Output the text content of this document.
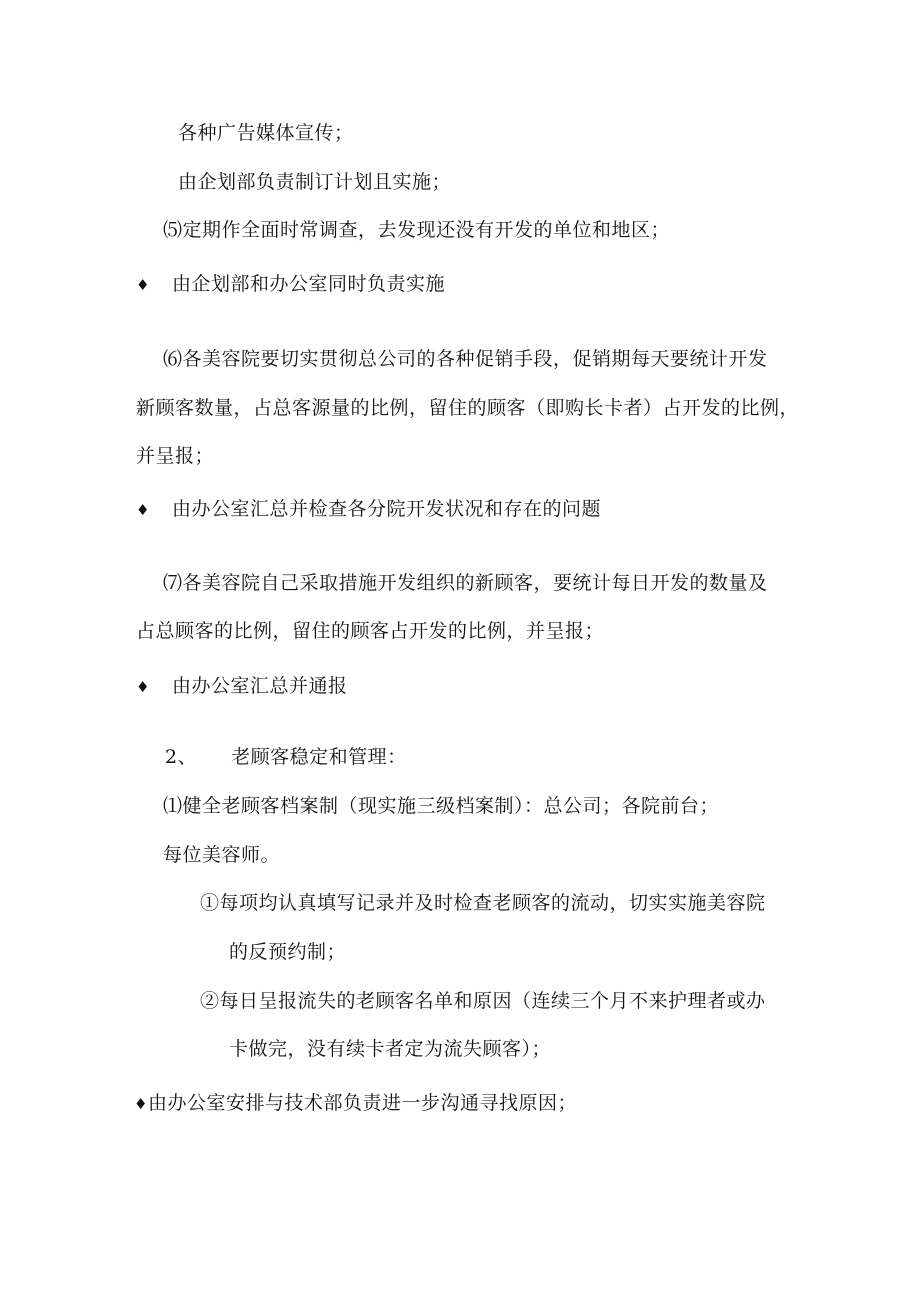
各种广告媒体宣传；
由企划部负责制订计划且实施；
⑸定期作全面时常调查，去发现还没有开发的单位和地区；
♦ 由企划部和办公室同时负责实施
⑹各美容院要切实贯彻总公司的各种促销手段，促销期每天要统计开发
新顾客数量，占总客源量的比例，留住的顾客（即购长卡者）占开发的比例，
并呈报；
♦ 由办公室汇总并检查各分院开发状况和存在的问题
⑺各美容院自己采取措施开发组织的新顾客，要统计每日开发的数量及
占总顾客的比例，留住的顾客占开发的比例，并呈报；
♦ 由办公室汇总并通报
2、 老顾客稳定和管理：
⑴健全老顾客档案制（现实施三级档案制）：总公司；各院前台；
每位美容师。
①每项均认真填写记录并及时检查老顾客的流动，切实实施美容院
的反预约制；
②每日呈报流失的老顾客名单和原因（连续三个月不来护理者或办
卡做完，没有续卡者定为流失顾客）；
♦由办公室安排与技术部负责进一步沟通寻找原因；
